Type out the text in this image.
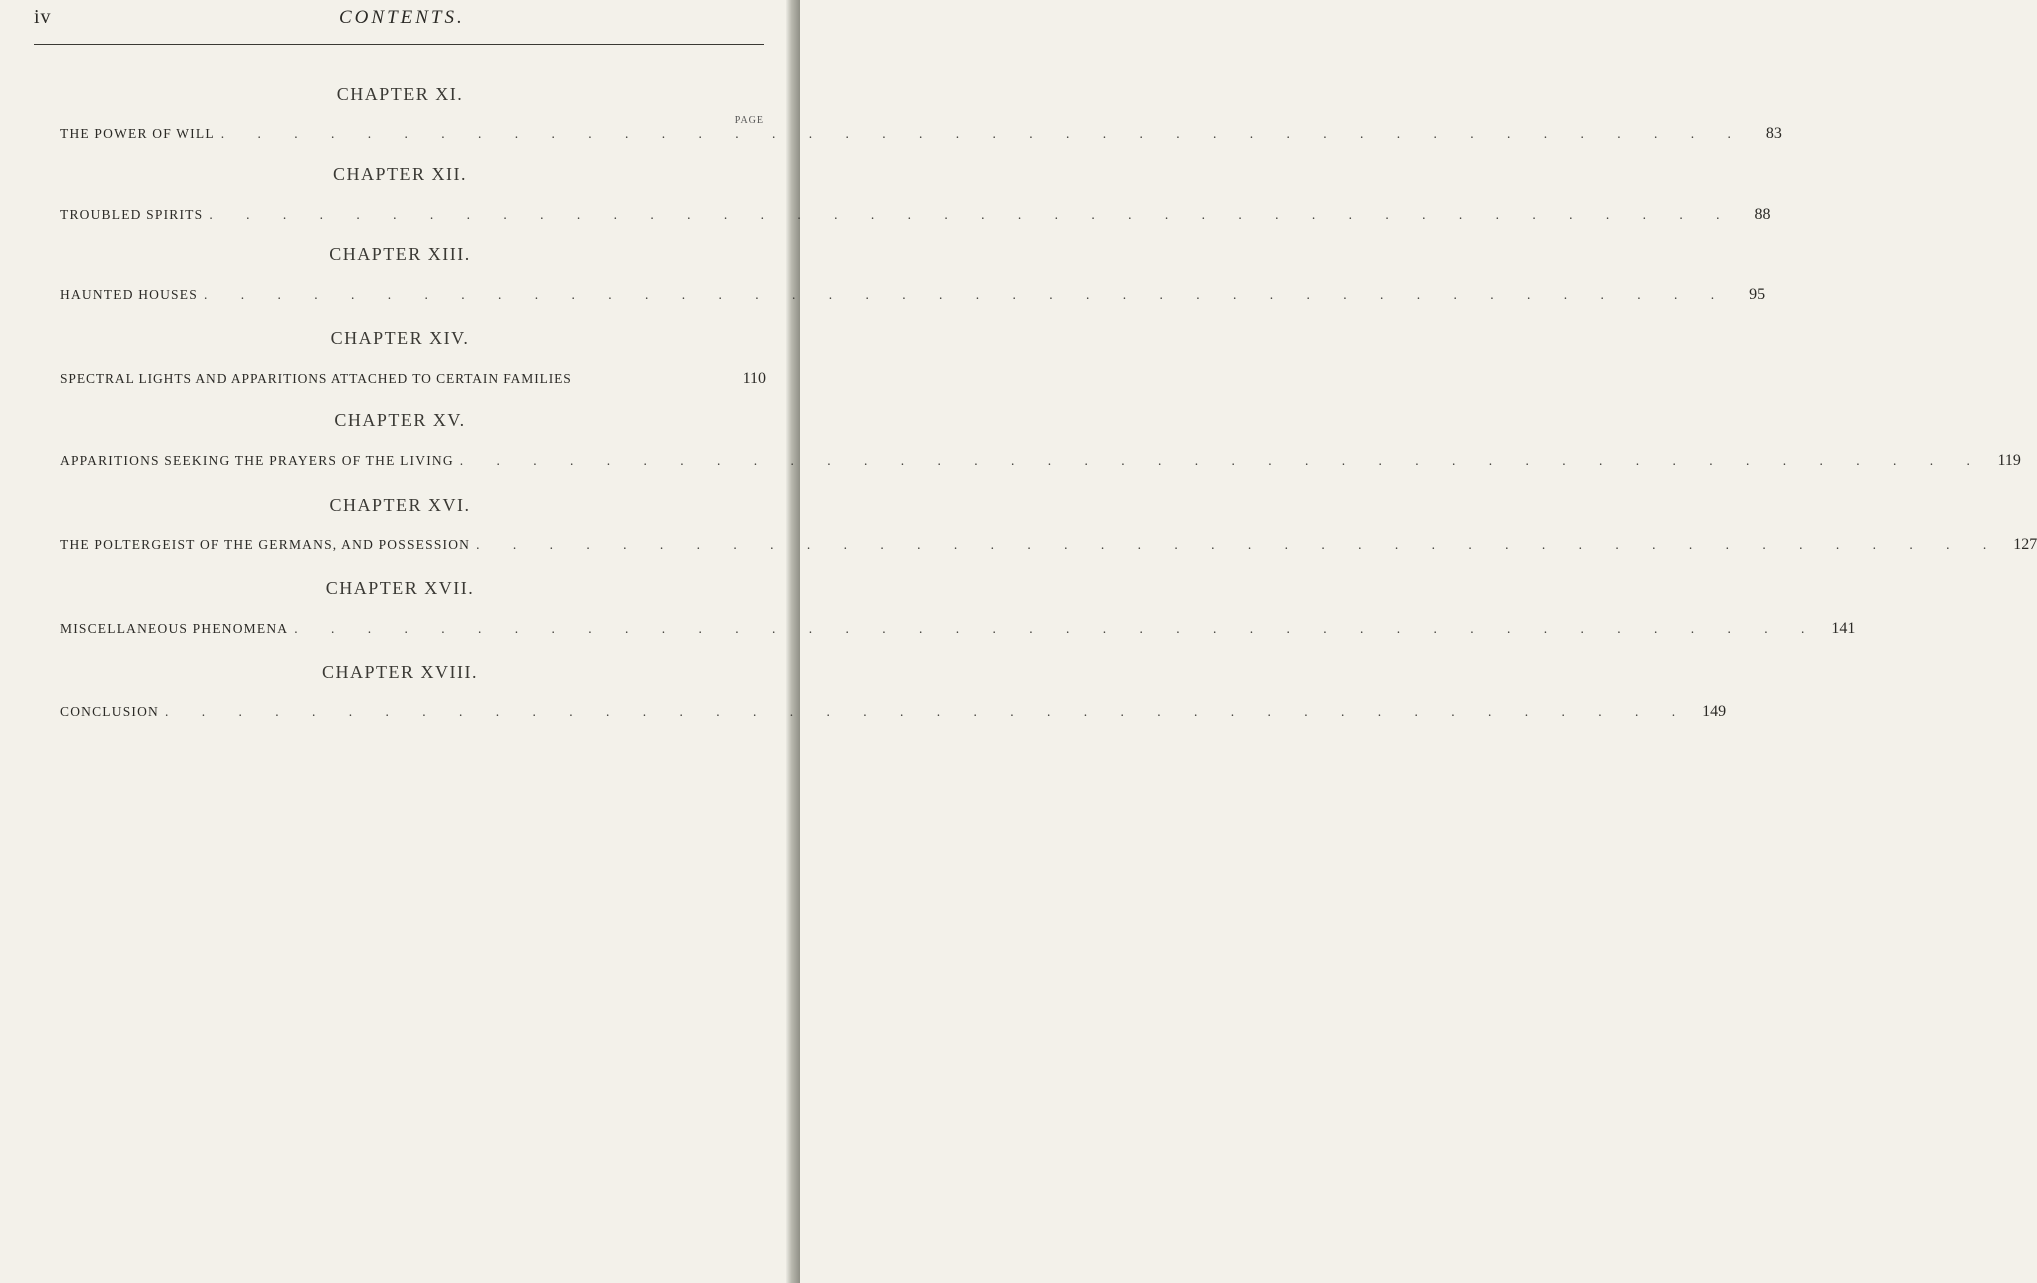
iv	CONTENTS.
PAGE
CHAPTER XI.
THE POWER OF WILL . . . . . . . . . . . . . . . . . . . . . . . . . . . . . . . . . . . . . . . . . .	83
CHAPTER XII.
TROUBLED SPIRITS . . . . . . . . . . . . . . . . . . . . . . . . . . . . . . . . . . . . . . . . . .	88
CHAPTER XIII.
HAUNTED HOUSES . . . . . . . . . . . . . . . . . . . . . . . . . . . . . . . . . . . . . . . . . .	95
CHAPTER XIV.
SPECTRAL LIGHTS AND APPARITIONS ATTACHED TO CERTAIN FAMILIES	110
CHAPTER XV.
APPARITIONS SEEKING THE PRAYERS OF THE LIVING . . . . . . . . . . . . . . . . . . . . . . . . . . . . . . . . . . . . . . . . . . 119
CHAPTER XVI.
THE POLTERGEIST OF THE GERMANS, AND POSSESSION . . . . . . . . . . . . . . . . . . . . . . . . . . . . . . . . . . . . . . . . . . 127
CHAPTER XVII.
MISCELLANEOUS PHENOMENA . . . . . . . . . . . . . . . . . . . . . . . . . . . . . . . . . . . . . . . . . . 141
CHAPTER XVIII.
CONCLUSION . . . . . . . . . . . . . . . . . . . . . . . . . . . . . . . . . . . . . . . . . . 149
